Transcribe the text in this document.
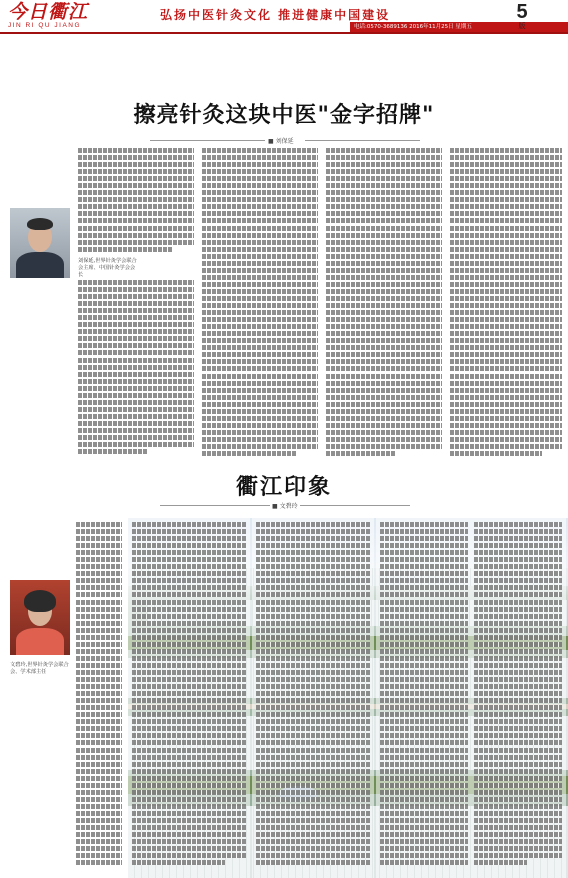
今日衢江
JIN RI QU JIANG
弘扬中医针灸文化 推进健康中国建设
电话:0570-3689136 2016年11月25日 星期五
5
版
擦亮针灸这块中医"金字招牌"
■ 刘保延
刘保延,世界针灸学会联合会主席、中国针灸学会会长
衢江印象
■ 文碧玲
文碧玲,世界针灸学会联合会、学术部主任
